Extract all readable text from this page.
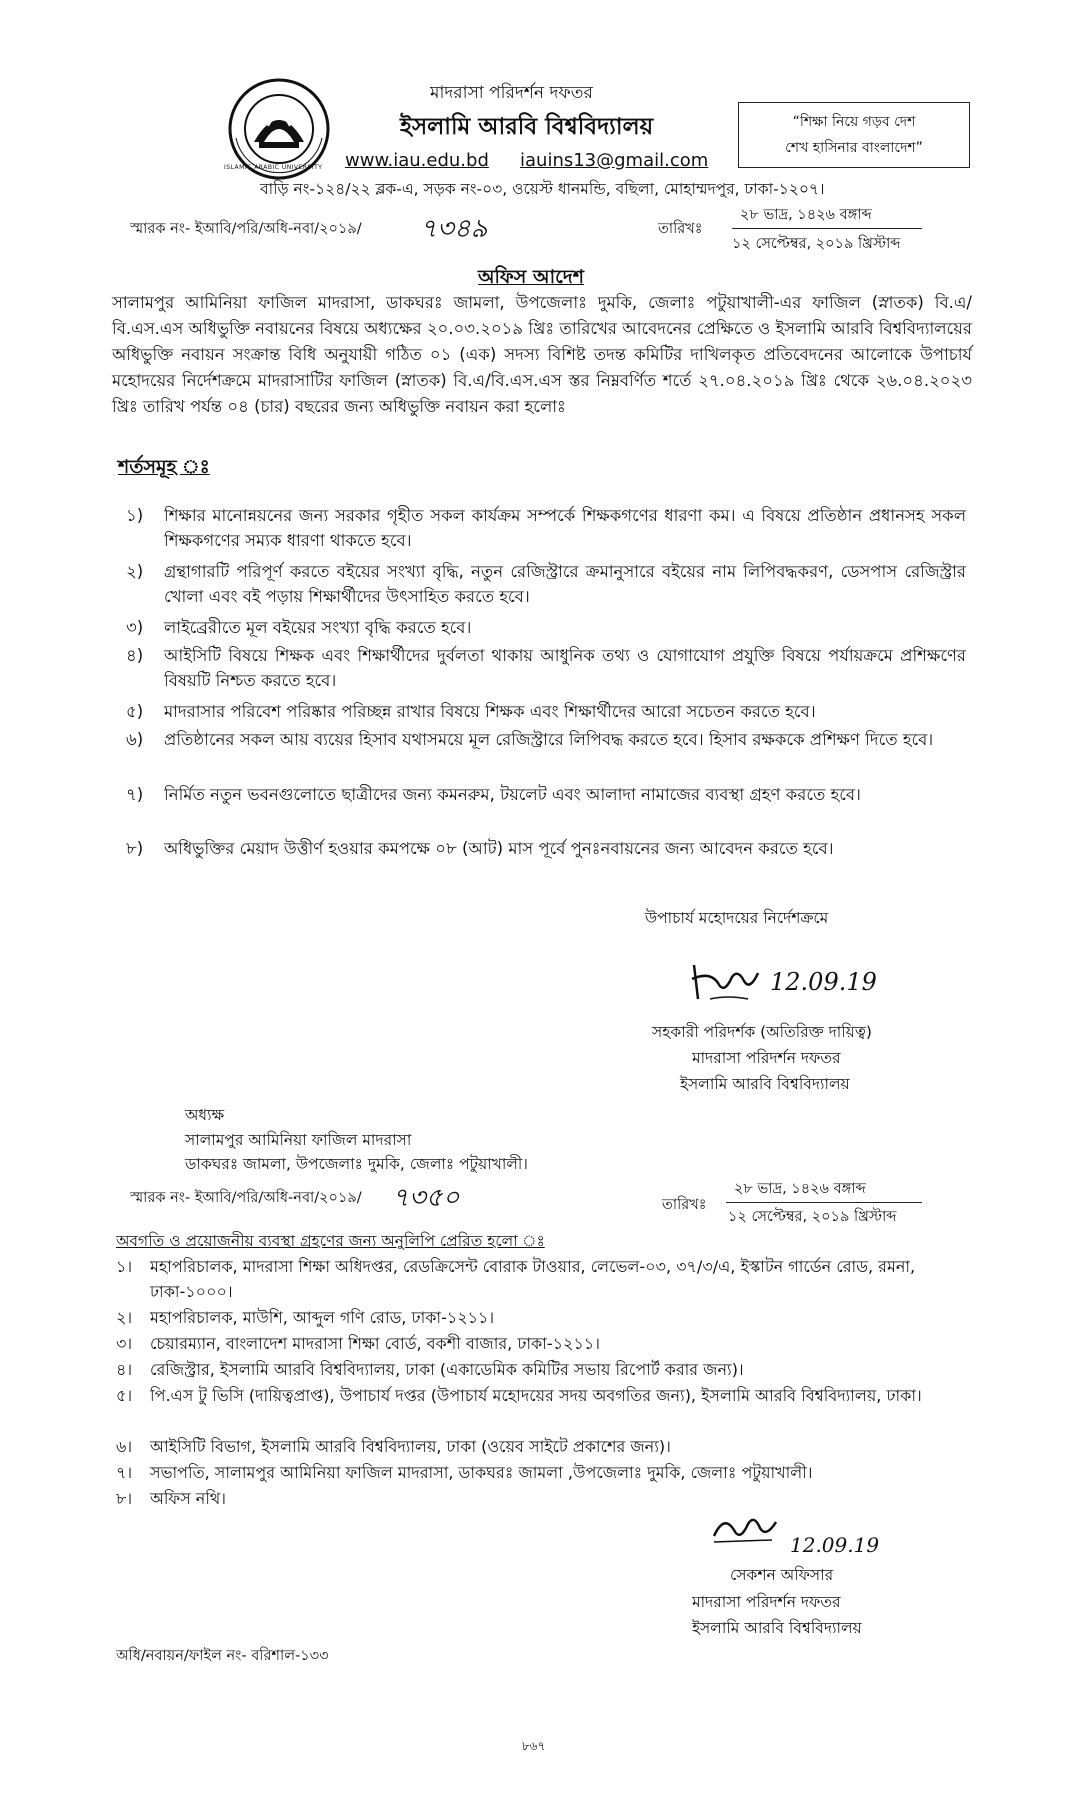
ISLAMIC ARABIC UNIVERSITY
মাদরাসা পরিদর্শন দফতর
ইসলামি আরবি বিশ্ববিদ্যালয়
www.iau.edu.bd iauins13@gmail.com
বাড়ি নং-১২৪/২২ ব্লক-এ, সড়ক নং-০৩, ওয়েস্ট ধানমন্ডি, বছিলা, মোহাম্মদপুর, ঢাকা-১২০৭।
“শিক্ষা নিয়ে গড়ব দেশ
শেখ হাসিনার বাংলাদেশ”
স্মারক নং- ইআবি/পরি/অধি-নবা/২০১৯/ ৭৩৪৯	তারিখঃ
২৮ ভাদ্র, ১৪২৬ বঙ্গাব্দ
১২ সেপ্টেম্বর, ২০১৯ খ্রিস্টাব্দ
অফিস আদেশ
সালামপুর আমিনিয়া ফাজিল মাদরাসা, ডাকঘরঃ জামলা, উপজেলাঃ দুমকি, জেলাঃ পটুয়াখালী-এর ফাজিল (স্নাতক) বি.এ/বি.এস.এস অধিভুক্তি নবায়নের বিষয়ে অধ্যক্ষের ২০.০৩.২০১৯ খ্রিঃ তারিখের আবেদনের প্রেক্ষিতে ও ইসলামি আরবি বিশ্ববিদ্যালয়ের অধিভুক্তি নবায়ন সংক্রান্ত বিধি অনুযায়ী গঠিত ০১ (এক) সদস্য বিশিষ্ট তদন্ত কমিটির দাখিলকৃত প্রতিবেদনের আলোকে উপাচার্য মহোদয়ের নির্দেশক্রমে মাদরাসাটির ফাজিল (স্নাতক) বি.এ/বি.এস.এস স্তর নিম্নবর্ণিত শর্তে ২৭.০৪.২০১৯ খ্রিঃ থেকে ২৬.০৪.২০২৩ খ্রিঃ তারিখ পর্যন্ত ০৪ (চার) বছরের জন্য অধিভুক্তি নবায়ন করা হলোঃ
শর্তসমূহ ঃ
১)	শিক্ষার মানোন্নয়নের জন্য সরকার গৃহীত সকল কার্যক্রম সম্পর্কে শিক্ষকগণের ধারণা কম। এ বিষয়ে প্রতিষ্ঠান প্রধানসহ সকল শিক্ষকগণের সম্যক ধারণা থাকতে হবে।
২)	গ্রন্থাগারটি পরিপূর্ণ করতে বইয়ের সংখ্যা বৃদ্ধি, নতুন রেজিস্ট্রারে ক্রমানুসারে বইয়ের নাম লিপিবদ্ধকরণ, ডেসপাস রেজিস্ট্রার খোলা এবং বই পড়ায় শিক্ষার্থীদের উৎসাহিত করতে হবে।
৩)	লাইব্রেরীতে মূল বইয়ের সংখ্যা বৃদ্ধি করতে হবে।
৪)	আইসিটি বিষয়ে শিক্ষক এবং শিক্ষার্থীদের দুর্বলতা থাকায় আধুনিক তথ্য ও যোগাযোগ প্রযুক্তি বিষয়ে পর্যায়ক্রমে প্রশিক্ষণের বিষয়টি নিশ্চত করতে হবে।
৫)	মাদরাসার পরিবেশ পরিষ্কার পরিচ্ছন্ন রাখার বিষয়ে শিক্ষক এবং শিক্ষার্থীদের আরো সচেতন করতে হবে।
৬)	প্রতিষ্ঠানের সকল আয় ব্যয়ের হিসাব যথাসময়ে মূল রেজিস্ট্রারে লিপিবদ্ধ করতে হবে। হিসাব রক্ষককে প্রশিক্ষণ দিতে হবে।
৭)	নির্মিত নতুন ভবনগুলোতে ছাত্রীদের জন্য কমনরুম, টয়লেট এবং আলাদা নামাজের ব্যবস্থা গ্রহণ করতে হবে।
৮)	অধিভুক্তির মেয়াদ উত্তীর্ণ হওয়ার কমপক্ষে ০৮ (আট) মাস পূর্বে পুনঃনবায়নের জন্য আবেদন করতে হবে।
উপাচার্য মহোদয়ের নির্দেশক্রমে
12.09.19
সহকারী পরিদর্শক (অতিরিক্ত দায়িত্ব)
মাদরাসা পরিদর্শন দফতর
ইসলামি আরবি বিশ্ববিদ্যালয়
অধ্যক্ষ
সালামপুর আমিনিয়া ফাজিল মাদরাসা
ডাকঘরঃ জামলা, উপজেলাঃ দুমকি, জেলাঃ পটুয়াখালী।
স্মারক নং- ইআবি/পরি/অধি-নবা/২০১৯/ ৭৩৫০	তারিখঃ
২৮ ভাদ্র, ১৪২৬ বঙ্গাব্দ
১২ সেপ্টেম্বর, ২০১৯ খ্রিস্টাব্দ
অবগতি ও প্রয়োজনীয় ব্যবস্থা গ্রহণের জন্য অনুলিপি প্রেরিত হলো ঃ
১।	মহাপরিচালক, মাদরাসা শিক্ষা অধিদপ্তর, রেডক্রিসেন্ট বোরাক টাওয়ার, লেভেল-০৩, ৩৭/৩/এ, ইস্কাটন গার্ডেন রোড, রমনা, ঢাকা-১০০০।
২।	মহাপরিচালক, মাউশি, আব্দুল গণি রোড, ঢাকা-১২১১।
৩।	চেয়ারম্যান, বাংলাদেশ মাদরাসা শিক্ষা বোর্ড, বকশী বাজার, ঢাকা-১২১১।
৪।	রেজিস্ট্রার, ইসলামি আরবি বিশ্ববিদ্যালয়, ঢাকা (একাডেমিক কমিটির সভায় রিপোর্ট করার জন্য)।
৫।	পি.এস টু ভিসি (দায়িত্বপ্রাপ্ত), উপাচার্য দপ্তর (উপাচার্য মহোদয়ের সদয় অবগতির জন্য), ইসলামি আরবি বিশ্ববিদ্যালয়, ঢাকা।
৬।	আইসিটি বিভাগ, ইসলামি আরবি বিশ্ববিদ্যালয়, ঢাকা (ওয়েব সাইটে প্রকাশের জন্য)।
৭।	সভাপতি, সালামপুর আমিনিয়া ফাজিল মাদরাসা, ডাকঘরঃ জামলা ,উপজেলাঃ দুমকি, জেলাঃ পটুয়াখালী।
৮।	অফিস নথি।
12.09.19
সেকশন অফিসার
মাদরাসা পরিদর্শন দফতর
ইসলামি আরবি বিশ্ববিদ্যালয়
অধি/নবায়ন/ফাইল নং- বরিশাল-১৩৩
৮৬৭
